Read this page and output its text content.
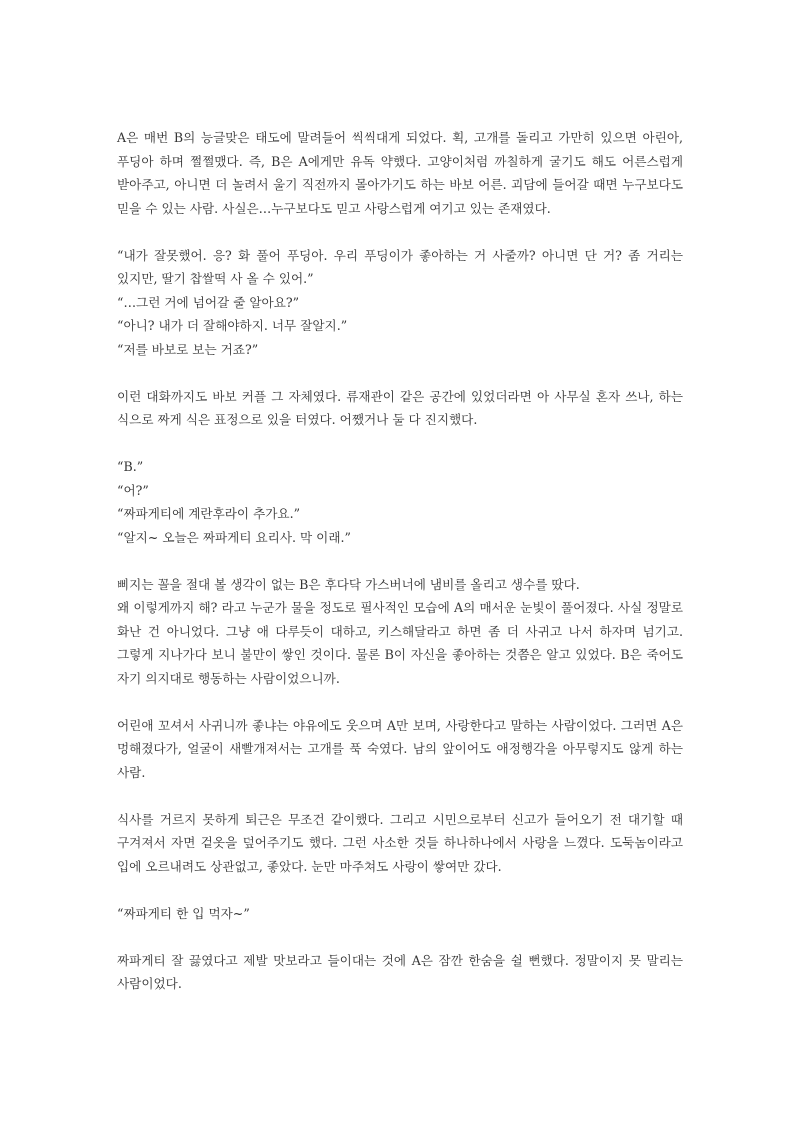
A은 매번 B의 능글맞은 태도에 말려들어 씩씩대게 되었다. 획, 고개를 돌리고 가만히 있으면 아린아, 푸딩아 하며 쩔쩔맸다. 즉, B은 A에게만 유독 약했다. 고양이처럼 까칠하게 굴기도 해도 어른스럽게 받아주고, 아니면 더 놀려서 울기 직전까지 몰아가기도 하는 바보 어른. 괴담에 들어갈 때면 누구보다도 믿을 수 있는 사람. 사실은…누구보다도 믿고 사랑스럽게 여기고 있는 존재였다.

“내가 잘못했어. 응? 화 풀어 푸딩아. 우리 푸딩이가 좋아하는 거 사줄까? 아니면 단 거? 좀 거리는 있지만, 딸기 찹쌀떡 사 올 수 있어.”

“…그런 거에 넘어갈 줄 알아요?”
“아니? 내가 더 잘해야하지. 너무 잘알지.”
“저를 바보로 보는 거죠?”

이런 대화까지도 바보 커플 그 자체였다. 류재관이 같은 공간에 있었더라면 아 사무실 혼자 쓰나, 하는 식으로 짜게 식은 표정으로 있을 터였다. 어쨌거나 둘 다 진지했다.

“B.”
“어?”
“짜파게티에 계란후라이 추가요.”
“알지~ 오늘은 짜파게티 요리사. 막 이래.”
삐지는 꼴을 절대 볼 생각이 없는 B은 후다닥 가스버너에 냄비를 올리고 생수를 땄다.

왜 이렇게까지 해? 라고 누군가 물을 정도로 필사적인 모습에 A의 매서운 눈빛이 풀어졌다. 사실 정말로 화난 건 아니었다. 그냥 애 다루듯이 대하고, 키스해달라고 하면 좀 더 사귀고 나서 하자며 넘기고. 그렇게 지나가다 보니 불만이 쌓인 것이다. 물론 B이 자신을 좋아하는 것쯤은 알고 있었다. B은 죽어도 자기 의지대로 행동하는 사람이었으니까.

어린애 꼬셔서 사귀니까 좋냐는 야유에도 웃으며 A만 보며, 사랑한다고 말하는 사람이었다. 그러면 A은 멍해졌다가, 얼굴이 새빨개져서는 고개를 푹 숙였다. 남의 앞이어도 애정행각을 아무렇지도 않게 하는 사람.

식사를 거르지 못하게 퇴근은 무조건 같이했다. 그리고 시민으로부터 신고가 들어오기 전 대기할 때 구겨져서 자면 겉옷을 덮어주기도 했다. 그런 사소한 것들 하나하나에서 사랑을 느꼈다. 도둑놈이라고 입에 오르내려도 상관없고, 좋았다. 눈만 마주쳐도 사랑이 쌓여만 갔다.

“짜파게티 한 입 먹자~”

짜파게티 잘 끓였다고 제발 맛보라고 들이대는 것에 A은 잠깐 한숨을 쉴 뻔했다. 정말이지 못 말리는 사람이었다.
